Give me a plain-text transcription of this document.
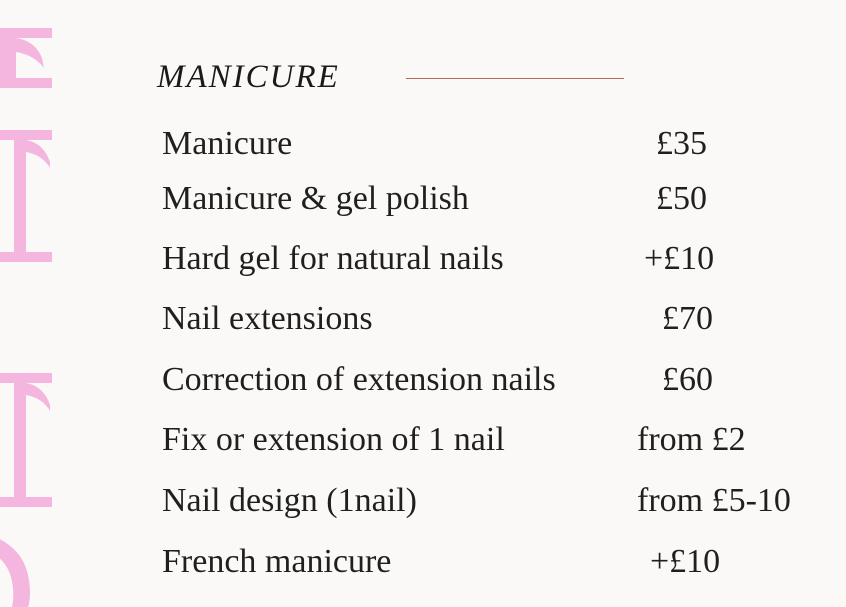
MANICURE
Manicure	£35
Manicure & gel polish	£50
Hard gel for natural nails	+£10
Nail extensions	£70
Correction of extension nails	£60
Fix or extension of 1 nail	from £2
Nail design (1nail)	from £5-10
French manicure	+£10
